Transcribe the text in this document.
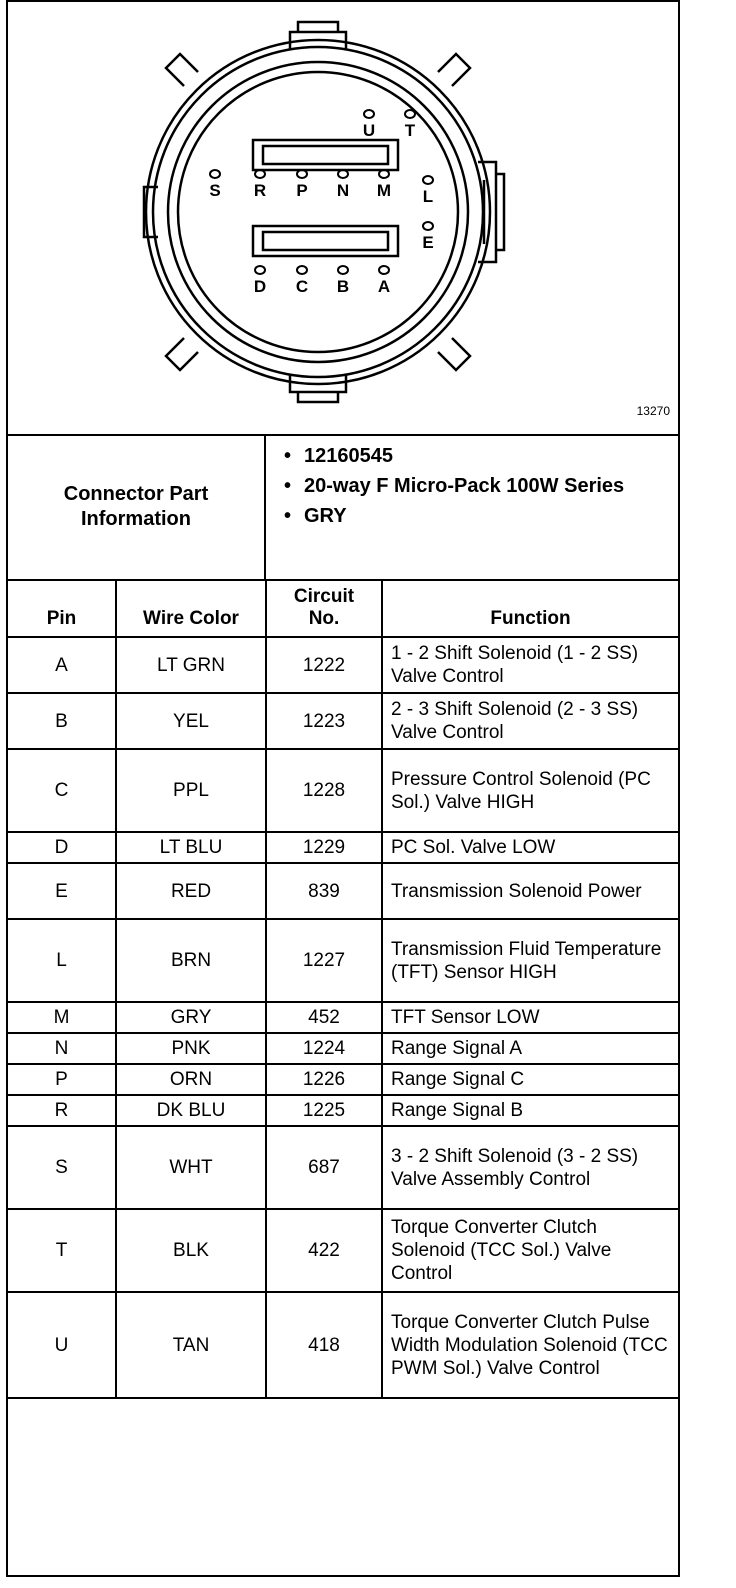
U T
S R P N M L
E
D C B A
13270
Connector Part Information
• 12160545
• 20-way F Micro-Pack 100W Series
• GRY
Pin	Wire Color	Circuit No.	Function
A	LT GRN	1222	1 - 2 Shift Solenoid (1 - 2 SS) Valve Control
B	YEL	1223	2 - 3 Shift Solenoid (2 - 3 SS) Valve Control
C	PPL	1228	Pressure Control Solenoid (PC Sol.) Valve HIGH
D	LT BLU	1229	PC Sol. Valve LOW
E	RED	839	Transmission Solenoid Power
L	BRN	1227	Transmission Fluid Temperature (TFT) Sensor HIGH
M	GRY	452	TFT Sensor LOW
N	PNK	1224	Range Signal A
P	ORN	1226	Range Signal C
R	DK BLU	1225	Range Signal B
S	WHT	687	3 - 2 Shift Solenoid (3 - 2 SS) Valve Assembly Control
T	BLK	422	Torque Converter Clutch Solenoid (TCC Sol.) Valve Control
U	TAN	418	Torque Converter Clutch Pulse Width Modulation Solenoid (TCC PWM Sol.) Valve Control
